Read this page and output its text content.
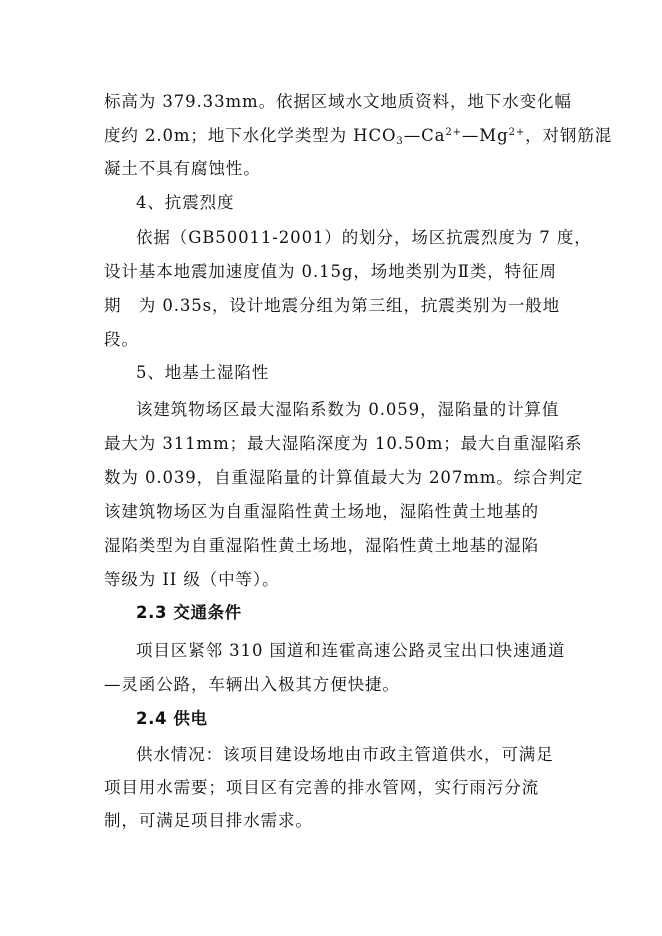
标高为 379.33mm。依据区域水文地质资料，地下水变化幅
度约 2.0m；地下水化学类型为 $HCO_3—Ca^{2+}—Mg^{2+}$，对钢筋混
凝土不具有腐蚀性。
4、抗震烈度
依据（GB50011-2001）的划分，场区抗震烈度为 7 度，
设计基本地震加速度值为 0.15g，场地类别为Ⅱ类，特征周
期　为 0.35s，设计地震分组为第三组，抗震类别为一般地
段。
5、地基土湿陷性
该建筑物场区最大湿陷系数为 0.059，湿陷量的计算值
最大为 311mm；最大湿陷深度为 10.50m；最大自重湿陷系
数为 0.039，自重湿陷量的计算值最大为 207mm。综合判定
该建筑物场区为自重湿陷性黄土场地，湿陷性黄土地基的
湿陷类型为自重湿陷性黄土场地，湿陷性黄土地基的湿陷
等级为 II 级（中等）。
2.3 交通条件
项目区紧邻 310 国道和连霍高速公路灵宝出口快速通道
—灵函公路，车辆出入极其方便快捷。
2.4 供电
供水情况：该项目建设场地由市政主管道供水，可满足
项目用水需要；项目区有完善的排水管网，实行雨污分流
制，可满足项目排水需求。
